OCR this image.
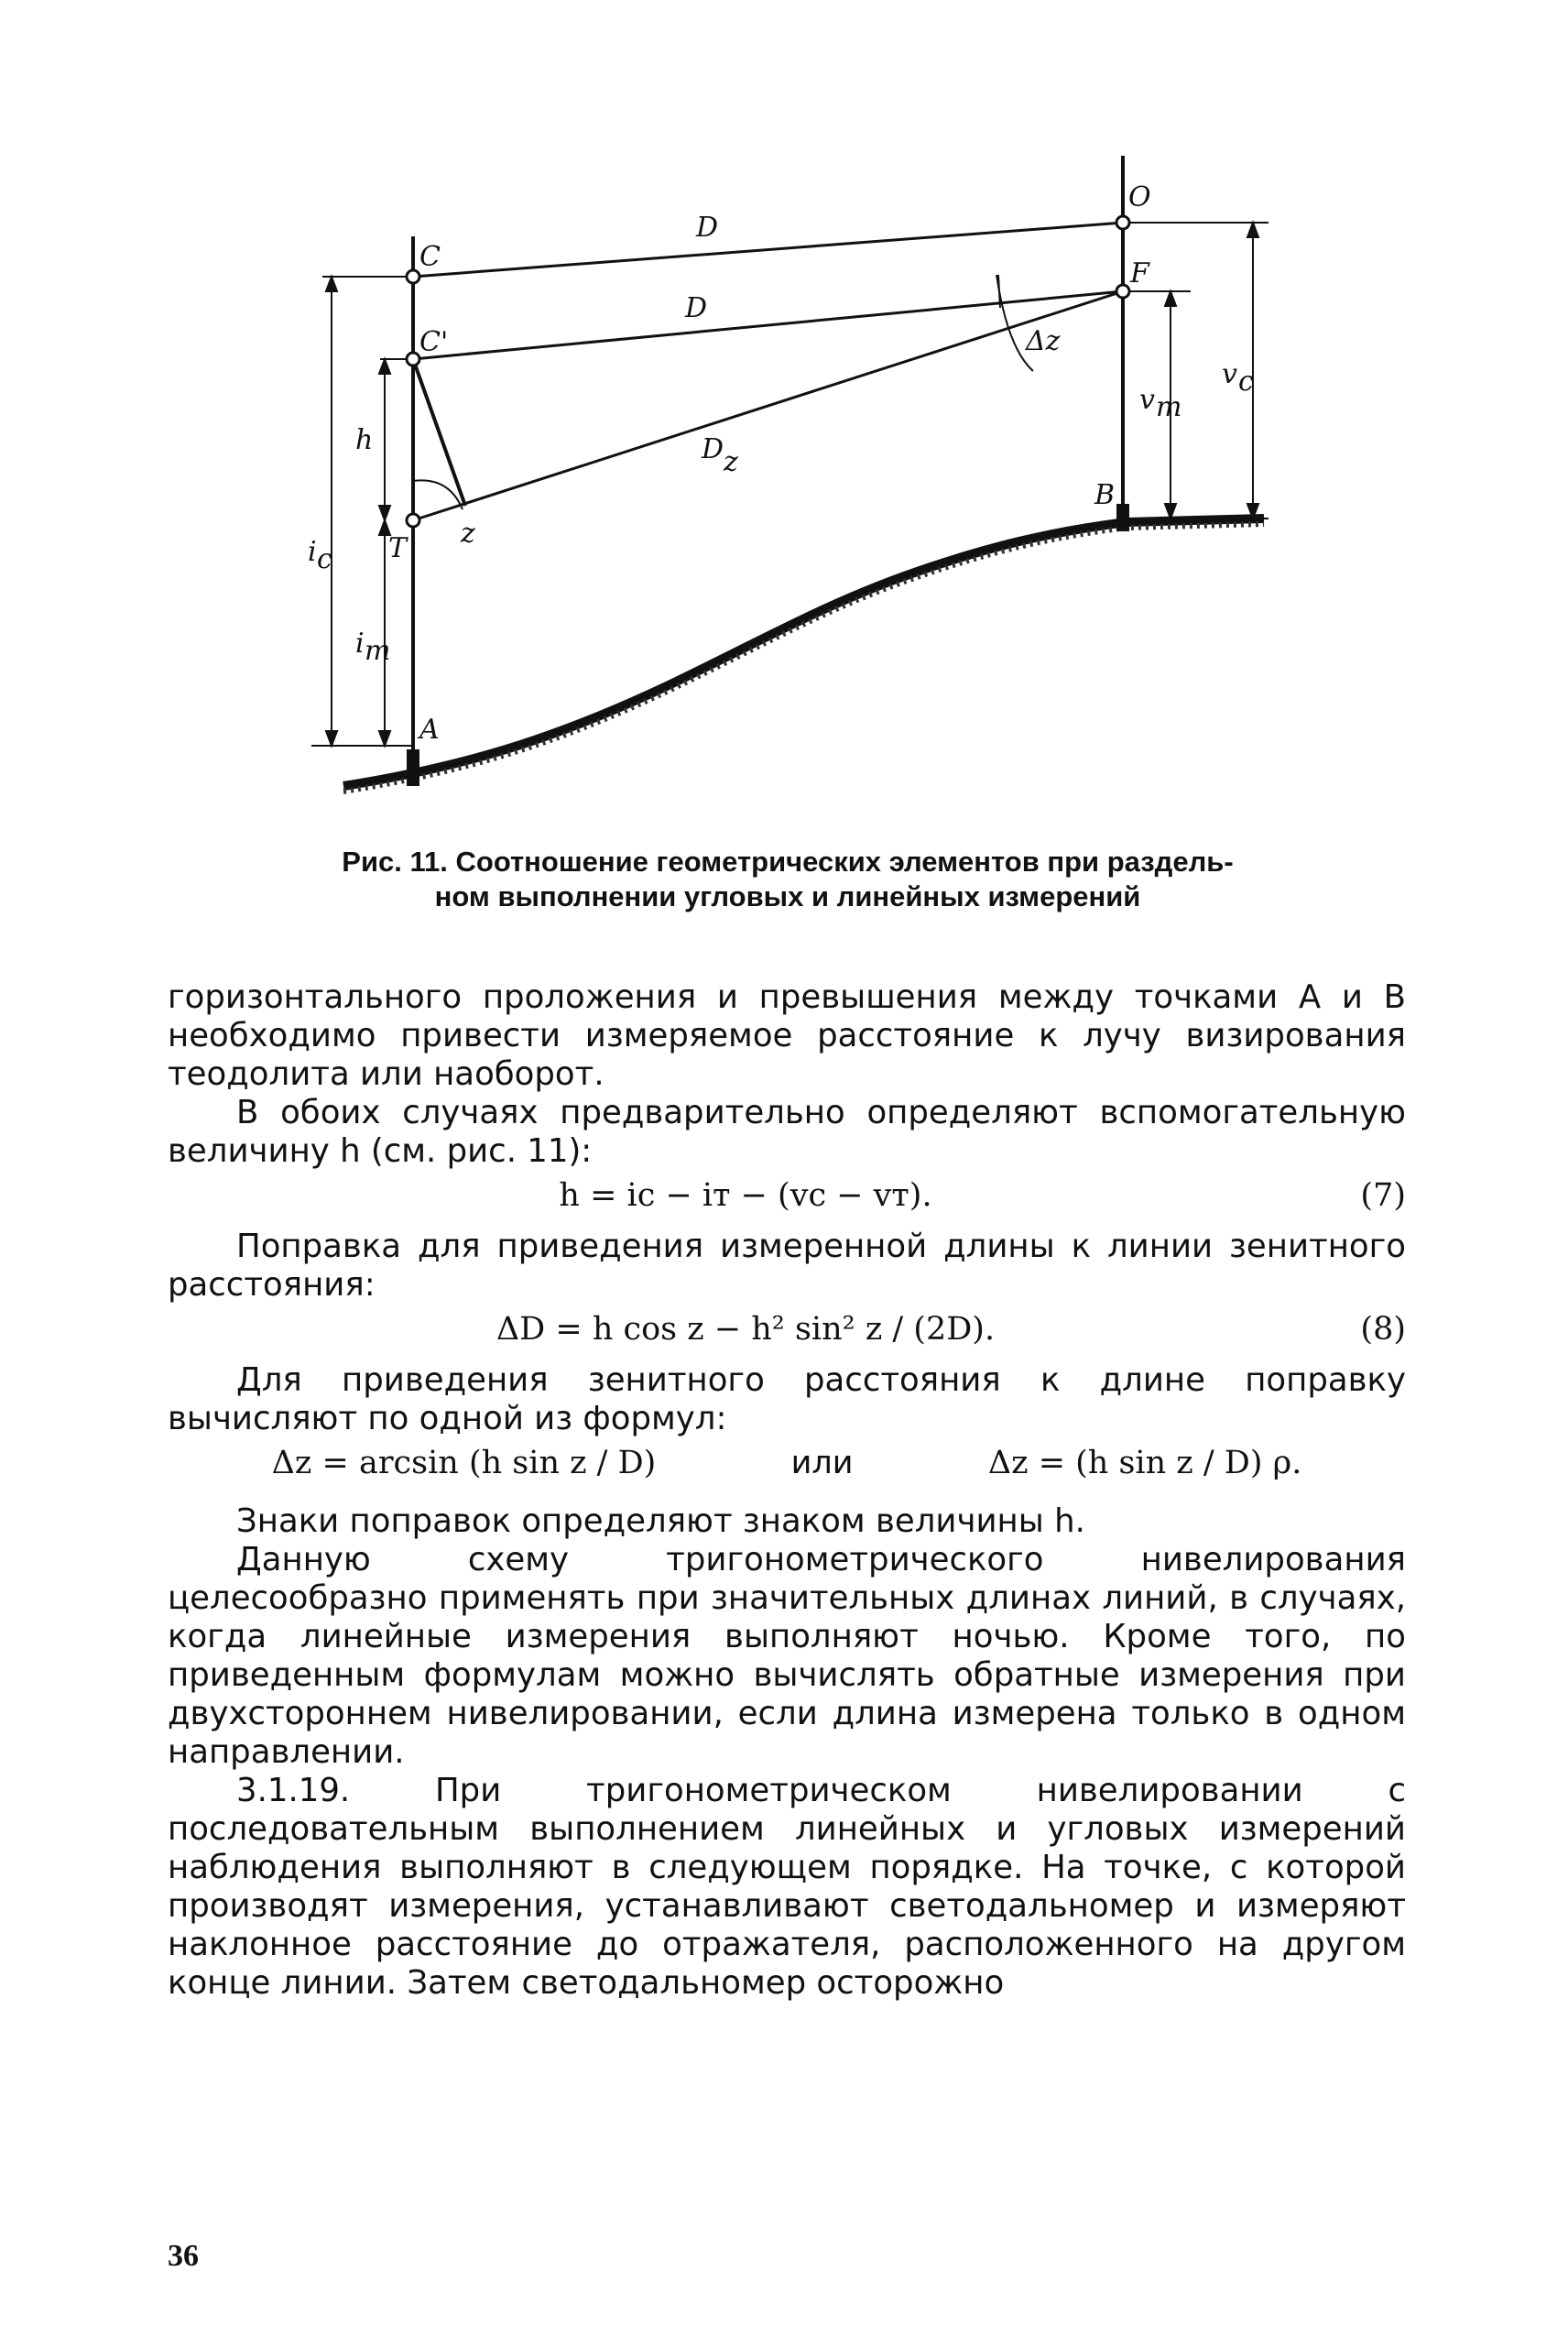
C
C'
T
A
O
F
B
D
D
D z
z
Δz
h
i c
i т
v т
v c
Рис. 11. Соотношение геометрических элементов при раздель-
ном выполнении угловых и линейных измерений

горизонтального проложения и превышения между точками A и B необходимо привести измеряемое расстояние к лучу визирования теодолита или наоборот.

В обоих случаях предварительно определяют вспомогательную величину h (см. рис. 11):

h = iс − iт − (vс − vт).	(7)

Поправка для приведения измеренной длины к линии зенитного расстояния:

ΔD = h cos z − h² sin² z / (2D).	(8)

Для приведения зенитного расстояния к длине поправку вычисляют по одной из формул:

Δz = arcsin (h sin z / D)	или	Δz = (h sin z / D) ρ.

Знаки поправок определяют знаком величины h.

Данную схему тригонометрического нивелирования целесообразно применять при значительных длинах линий, в случаях, когда линейные измерения выполняют ночью. Кроме того, по приведенным формулам можно вычислять обратные измерения при двухстороннем нивелировании, если длина измерена только в одном направлении.

3.1.19. При тригонометрическом нивелировании с последовательным выполнением линейных и угловых измерений наблюдения выполняют в следующем порядке. На точке, с которой производят измерения, устанавливают светодальномер и измеряют наклонное расстояние до отражателя, расположенного на другом конце линии. Затем светодальномер осторожно

36
